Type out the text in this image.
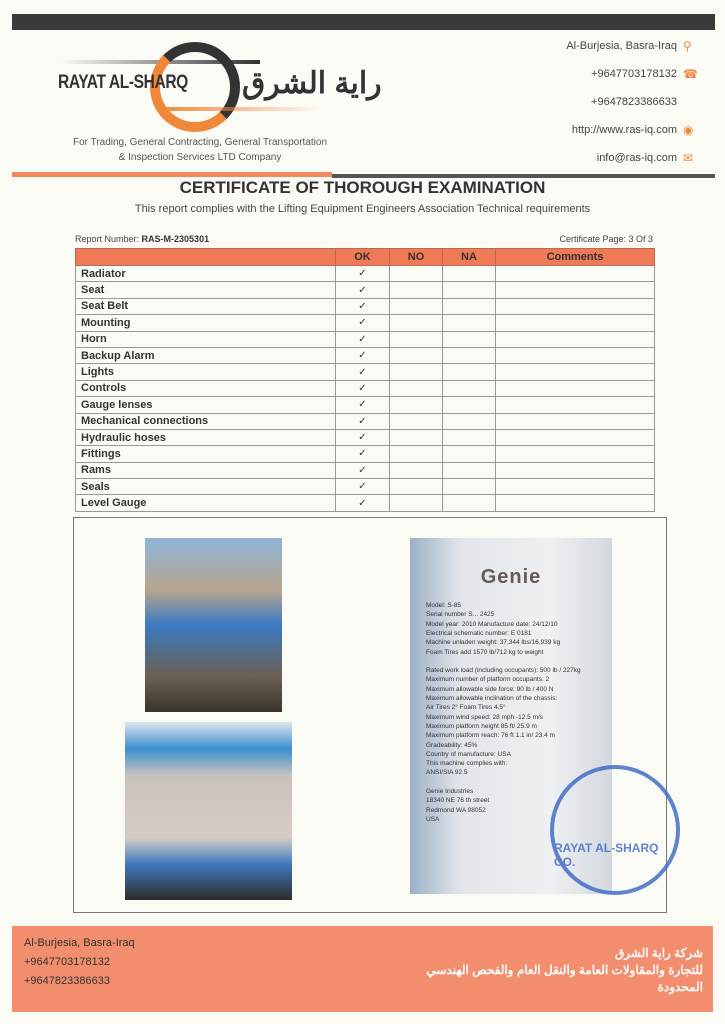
RAYAT AL-SHARQ راية الشرق
For Trading, General Contracting, General Transportation
& Inspection Services LTD Company
Al-Burjesia, Basra-Iraq ⚲
+9647703178132 ☎
+9647823386633
http://www.ras-iq.com ◉
info@ras-iq.com ✉
CERTIFICATE OF THOROUGH EXAMINATION
This report complies with the Lifting Equipment Engineers Association Technical requirements
Report Number: RAS-M-2305301	Certificate Page: 3 Of 3
	OK	NO	NA	Comments
Radiator	✓			
Seat	✓			
Seat Belt	✓			
Mounting	✓			
Horn	✓			
Backup Alarm	✓			
Lights	✓			
Controls	✓			
Gauge lenses	✓			
Mechanical connections	✓			
Hydraulic hoses	✓			
Fittings	✓			
Rams	✓			
Seals	✓			
Level Gauge	✓			
Genie
Model: S-85
Serial number S... 2425
Model year: 2010 Manufacture date: 24/12/10
Electrical schematic number: E 0181
Machine unladen weight: 37,344 lbs/16,939 kg
Foam Tires add 1570 lb/712 kg to weight
Rated work load (including occupants): 500 lb / 227kg
Maximum number of platform occupants: 2
Maximum allowable side force: 90 lb / 400 N
Maximum allowable inclination of the chassis:
Air Tires 2° Foam Tires 4.5°
Maximum wind speed: 28 mph -12.5 m/s
Maximum platform height 85 ft/ 25.9 m
Maximum platform reach: 76 ft 1.1 in/ 23.4 m
Gradeability: 45%
Country of manufacture: USA
This machine complies with:
ANSI/SIA 92.5
Genie Industries
18340 NE 76 th street
Redmond WA 98052
USA
RAYAT AL-SHARQ CO.
Al-Burjesia, Basra-Iraq
+9647703178132
+9647823386633
شركة راية الشرق
للتجارة والمقاولات العامة والنقل العام والفحص الهندسي
المحدودة
